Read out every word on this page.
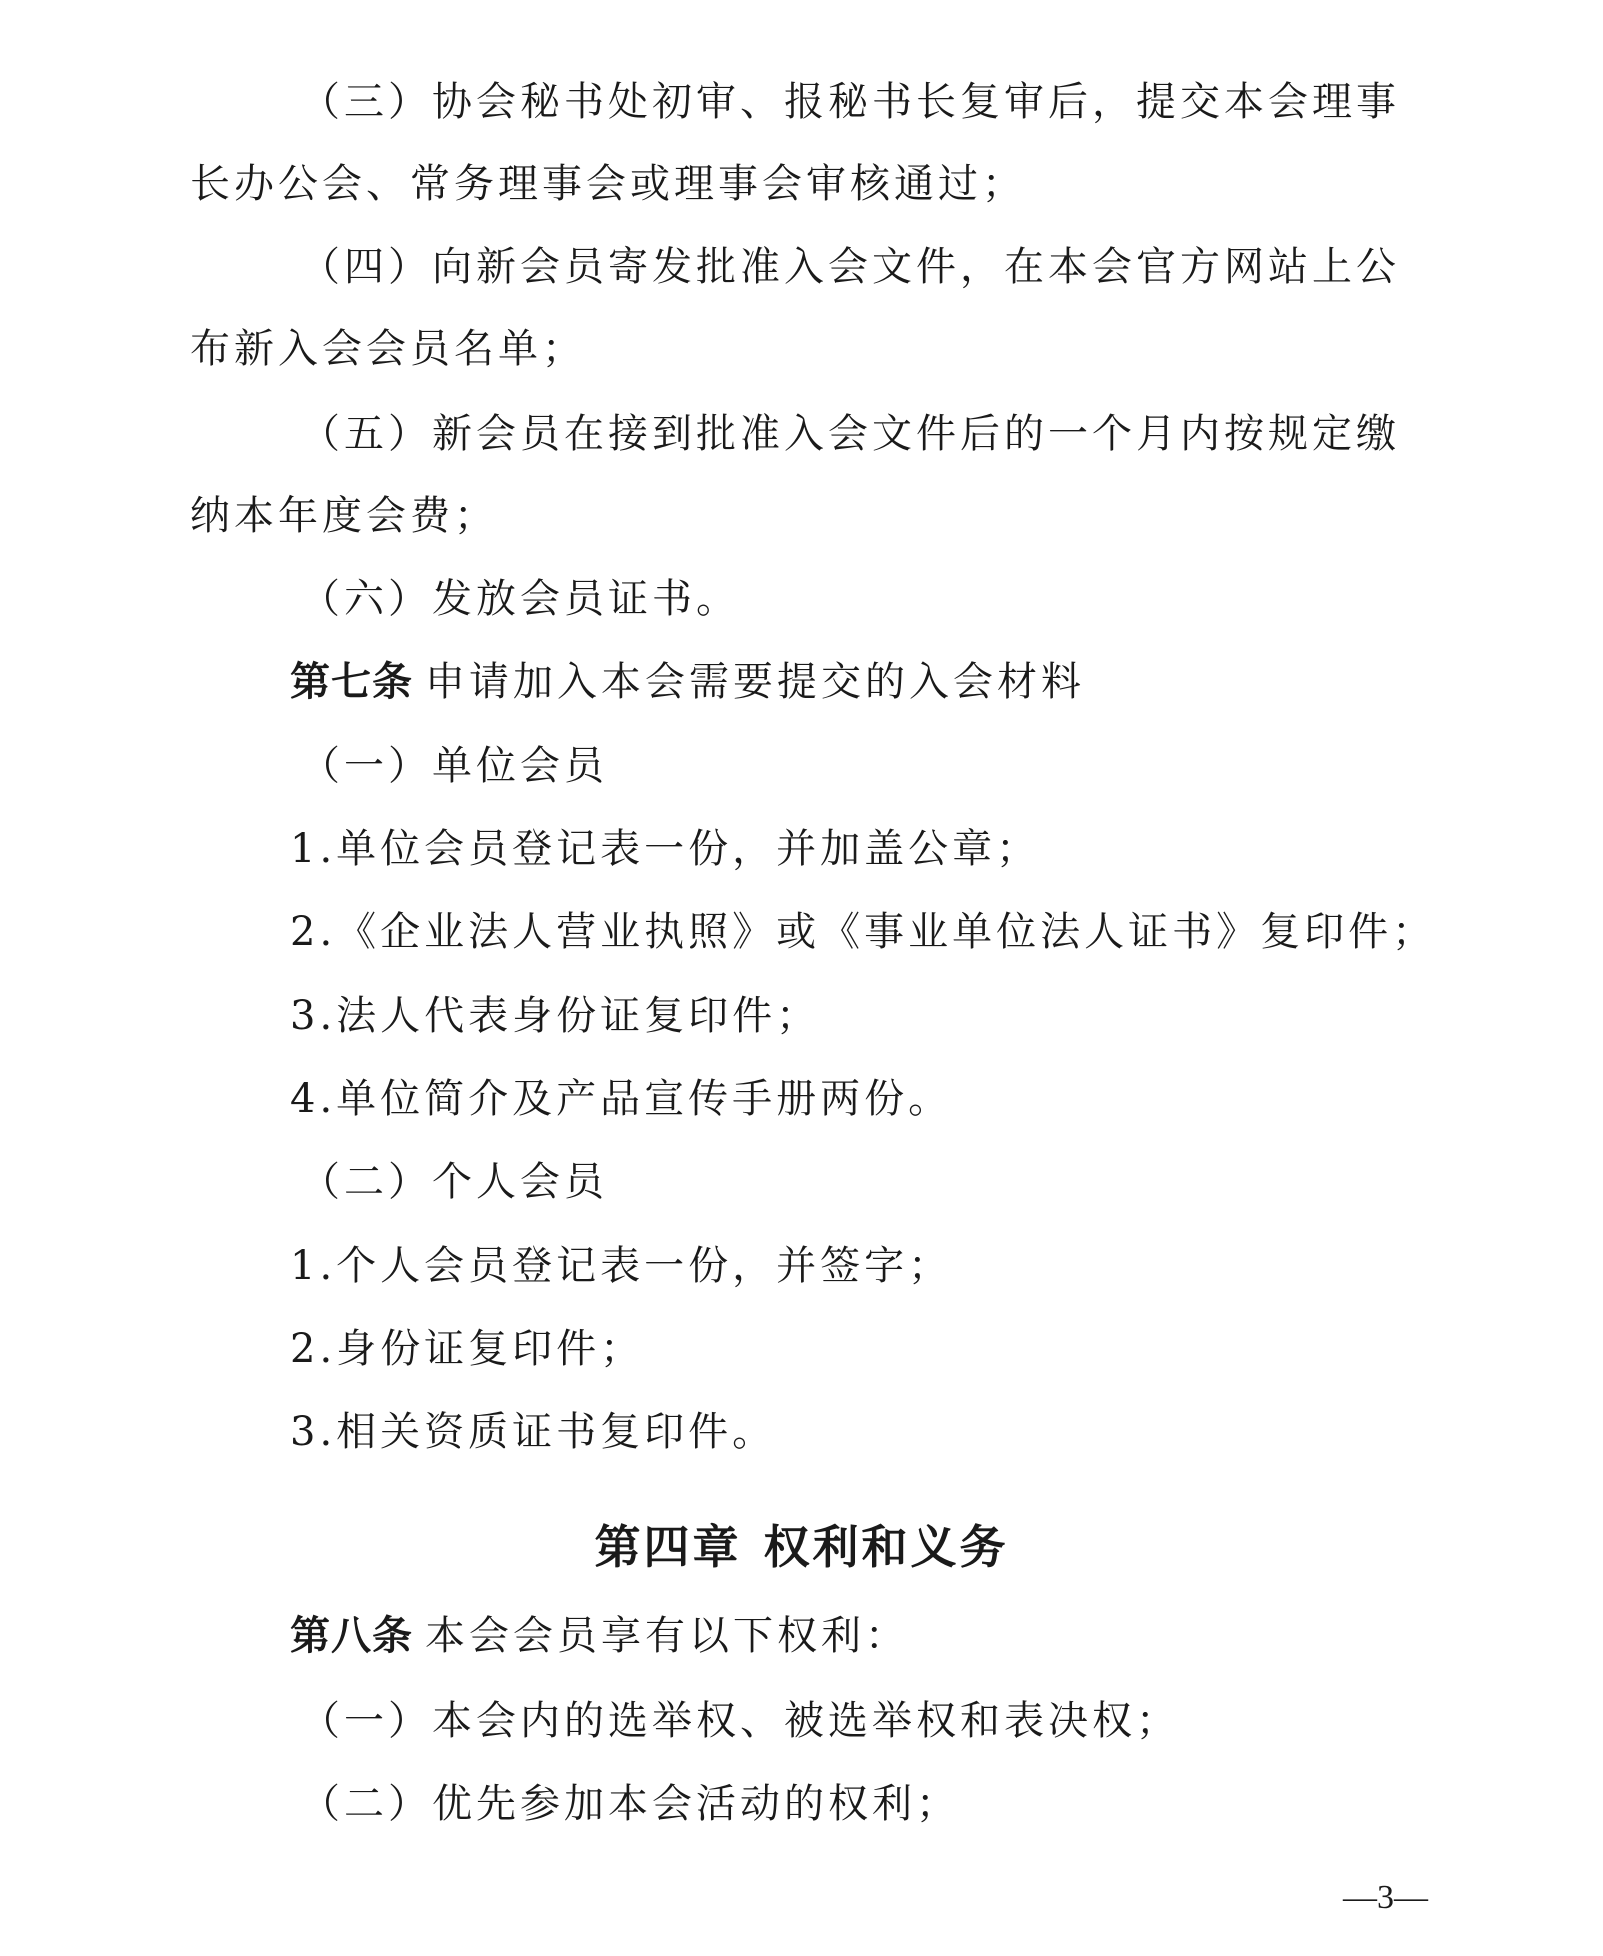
（三）协会秘书处初审、报秘书长复审后，提交本会理事
长办公会、常务理事会或理事会审核通过；
（四）向新会员寄发批准入会文件，在本会官方网站上公
布新入会会员名单；
（五）新会员在接到批准入会文件后的一个月内按规定缴
纳本年度会费；
（六）发放会员证书。
第七条 申请加入本会需要提交的入会材料
（一）单位会员
1.单位会员登记表一份，并加盖公章；
2.《企业法人营业执照》或《事业单位法人证书》复印件；
3.法人代表身份证复印件；
4.单位简介及产品宣传手册两份。
（二）个人会员
1.个人会员登记表一份，并签字；
2.身份证复印件；
3.相关资质证书复印件。
第四章 权利和义务
第八条 本会会员享有以下权利：
（一）本会内的选举权、被选举权和表决权；
（二）优先参加本会活动的权利；
—3—
